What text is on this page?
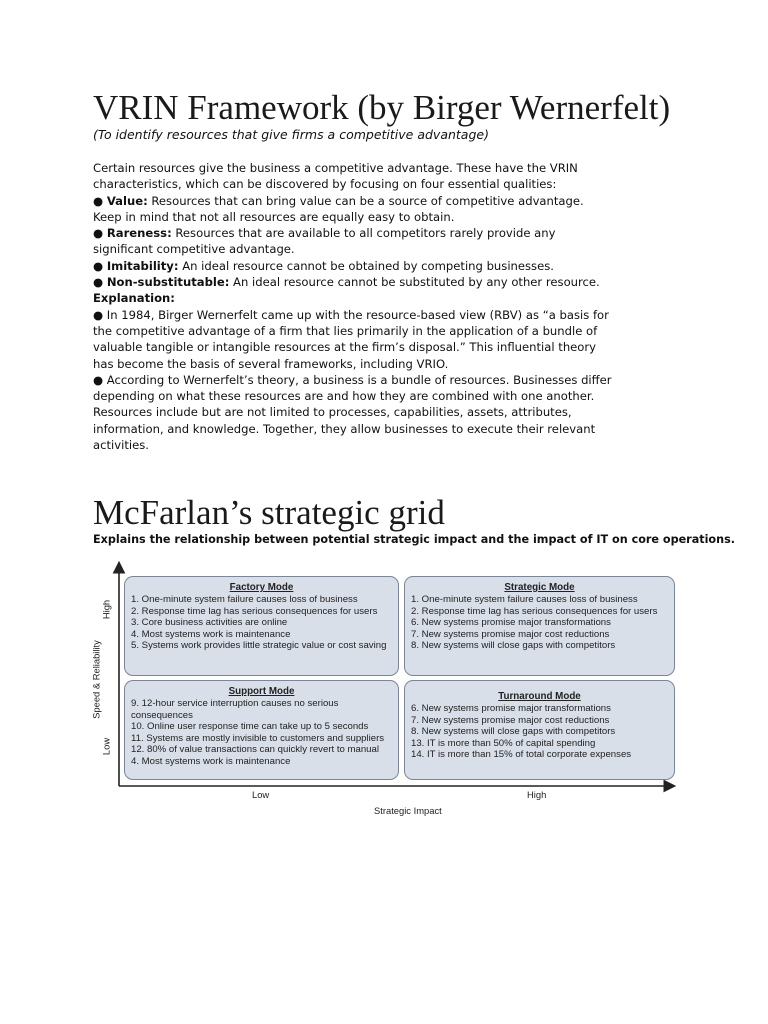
VRIN Framework (by Birger Wernerfelt)
(To identify resources that give firms a competitive advantage)

Certain resources give the business a competitive advantage. These have the VRIN characteristics, which can be discovered by focusing on four essential qualities:

● Value: Resources that can bring value can be a source of competitive advantage. Keep in mind that not all resources are equally easy to obtain.

● Rareness: Resources that are available to all competitors rarely provide any significant competitive advantage.

● Imitability: An ideal resource cannot be obtained by competing businesses.

● Non-substitutable: An ideal resource cannot be substituted by any other resource.

Explanation:

● In 1984, Birger Wernerfelt came up with the resource-based view (RBV) as “a basis for the competitive advantage of a firm that lies primarily in the application of a bundle of valuable tangible or intangible resources at the firm’s disposal.” This influential theory has become the basis of several frameworks, including VRIO.

● According to Wernerfelt’s theory, a business is a bundle of resources. Businesses differ depending on what these resources are and how they are combined with one another. Resources include but are not limited to processes, capabilities, assets, attributes, information, and knowledge. Together, they allow businesses to execute their relevant activities.

McFarlan’s strategic grid
Explains the relationship between potential strategic impact and the impact of IT on core operations.
Speed & Reliability
High
Low
Low	High
Strategic Impact
Factory Mode
1. One-minute system failure causes loss of business
2. Response time lag has serious consequences for users
3. Core business activities are online
4. Most systems work is maintenance
5. Systems work provides little strategic value or cost saving
Strategic Mode
1. One-minute system failure causes loss of business
2. Response time lag has serious consequences for users
6. New systems promise major transformations
7. New systems promise major cost reductions
8. New systems will close gaps with competitors
Support Mode
9. 12-hour service interruption causes no serious consequences
10. Online user response time can take up to 5 seconds
11. Systems are mostly invisible to customers and suppliers
12. 80% of value transactions can quickly revert to manual
4. Most systems work is maintenance
Turnaround Mode
6. New systems promise major transformations
7. New systems promise major cost reductions
8. New systems will close gaps with competitors
13. IT is more than 50% of capital spending
14. IT is more than 15% of total corporate expenses
